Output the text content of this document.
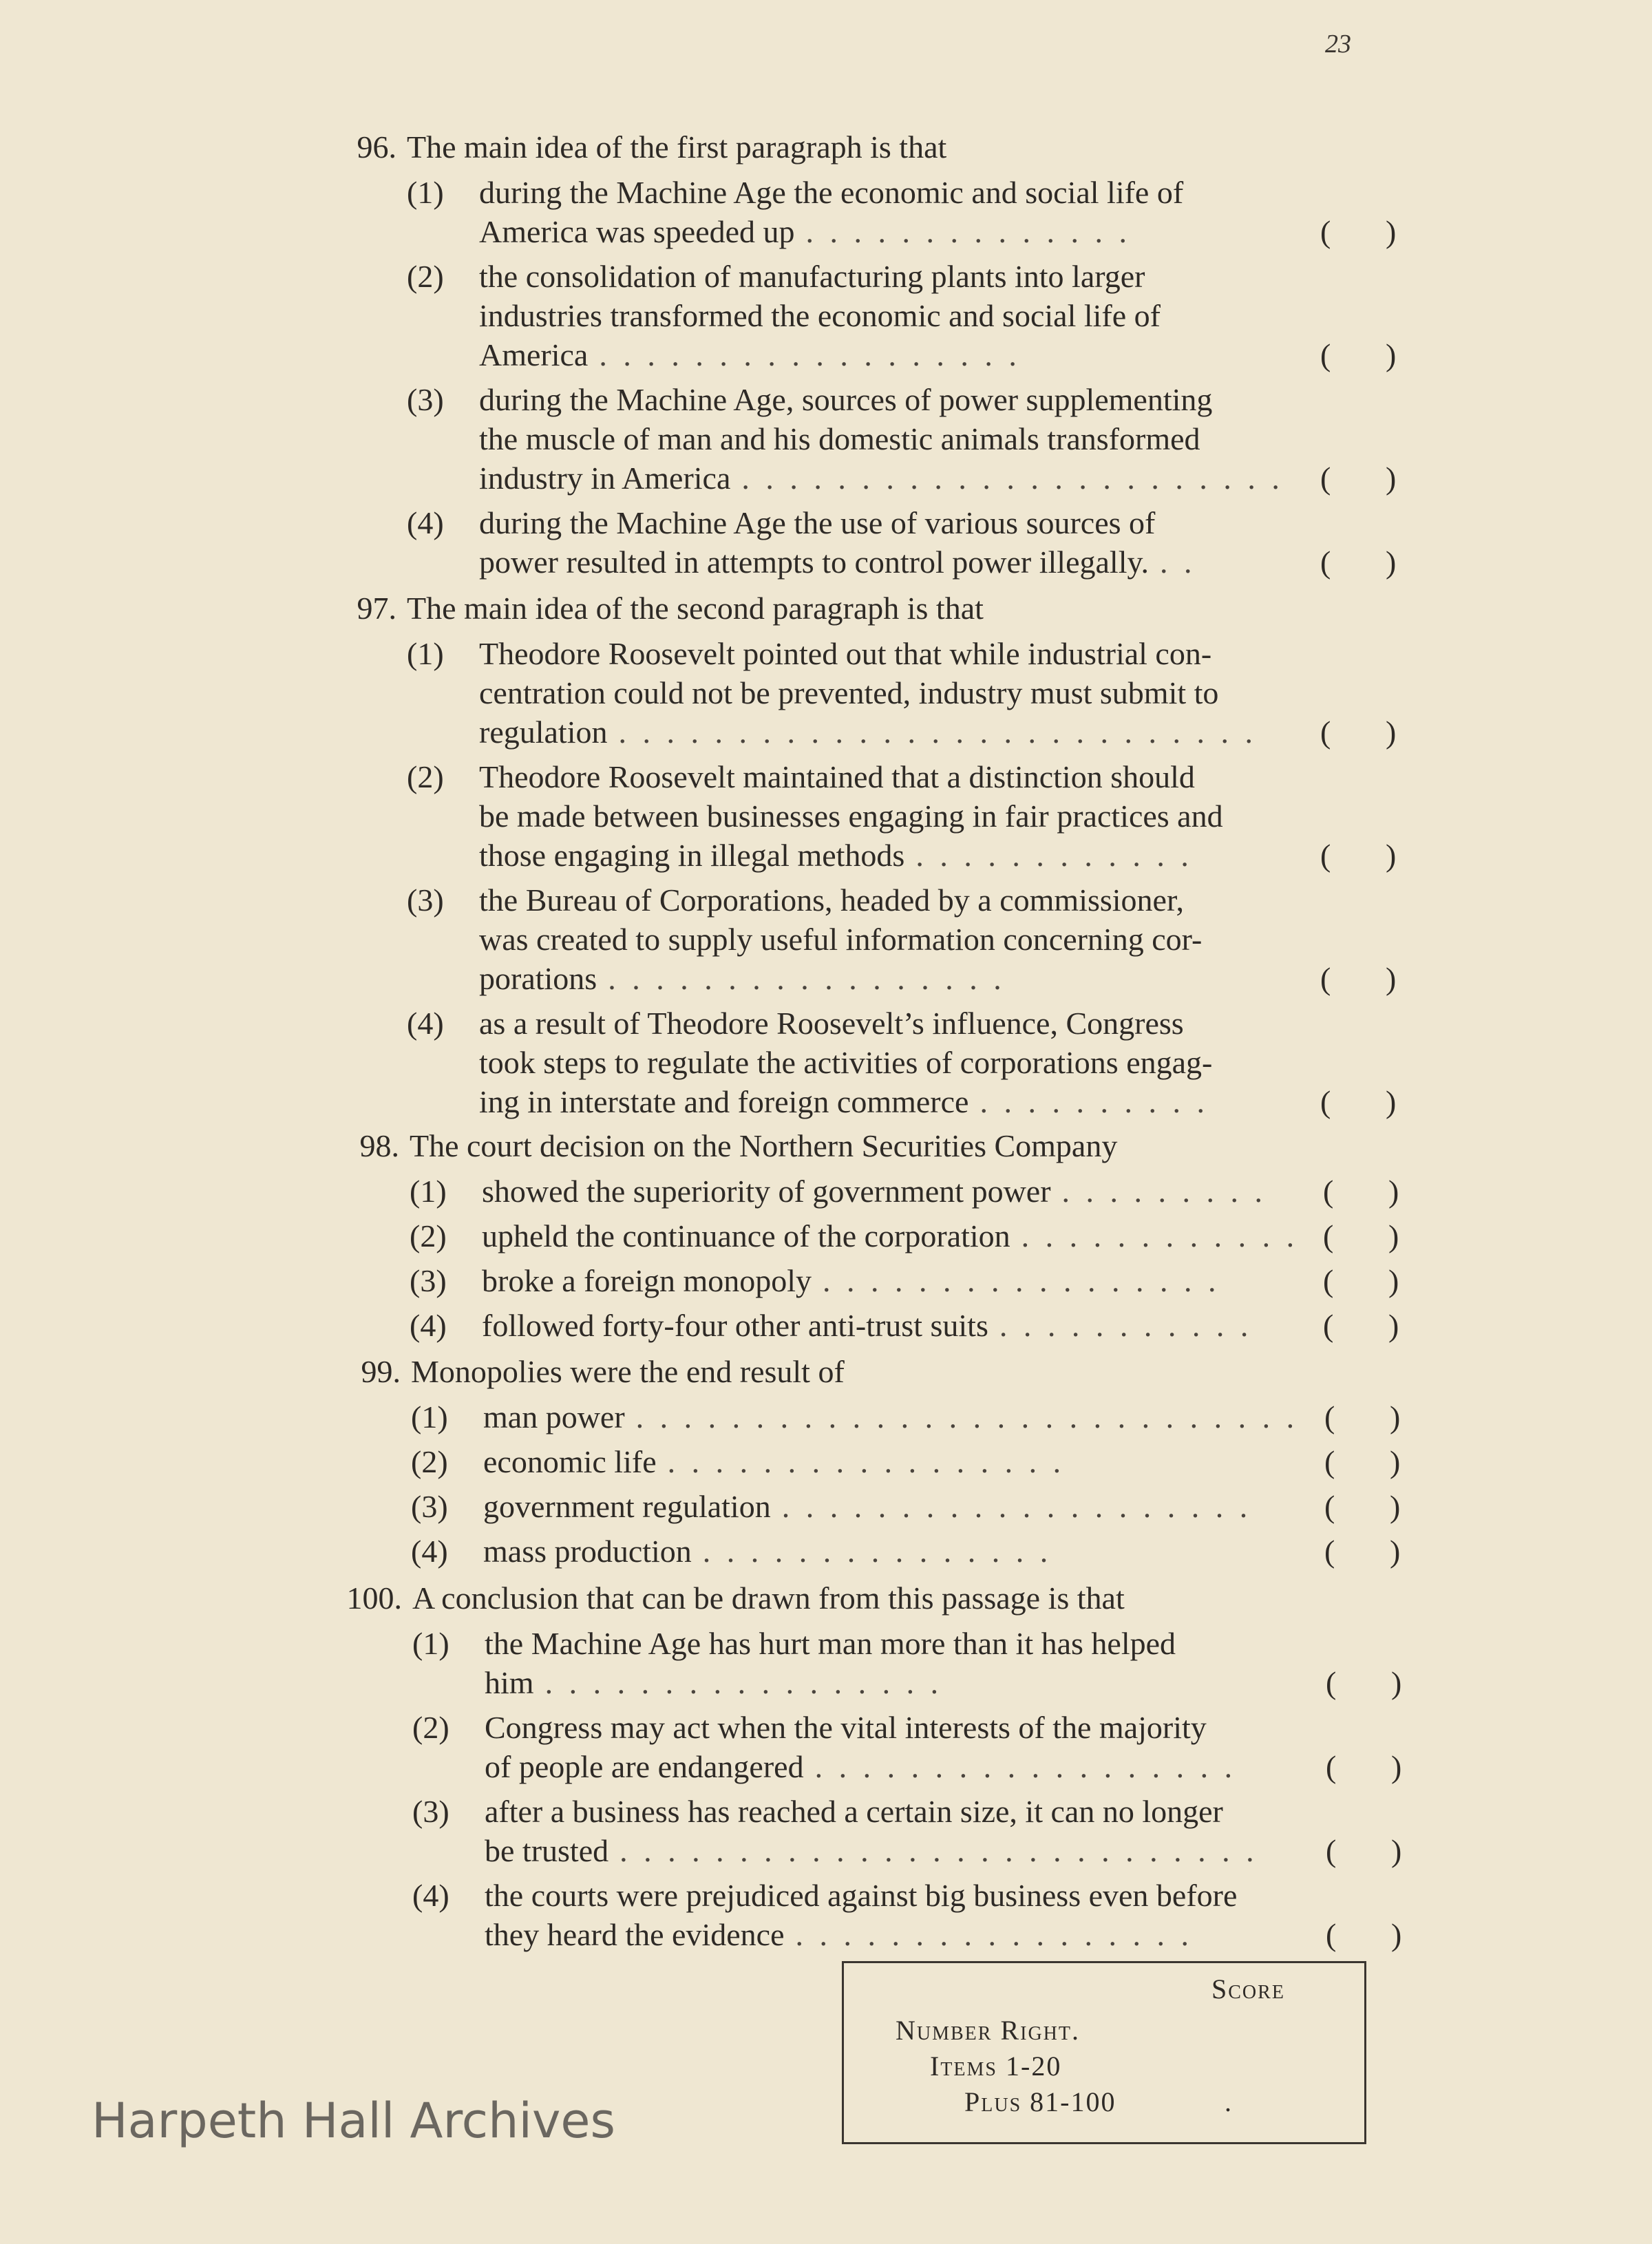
23
96. The main idea of the first paragraph is that
(1) during the Machine Age the economic and social life of
America was speeded up . . . . . . . . . . . . . .	( )
(2) the consolidation of manufacturing plants into larger
industries transformed the economic and social life of
America . . . . . . . . . . . . . . . . . .	( )
(3) during the Machine Age, sources of power supplementing
the muscle of man and his domestic animals transformed
industry in America . . . . . . . . . . . . . . . . . . . . . . . ( )
(4) during the Machine Age the use of various sources of
power resulted in attempts to control power illegally. . .	( )
97. The main idea of the second paragraph is that
(1) Theodore Roosevelt pointed out that while industrial con-
centration could not be prevented, industry must submit to
regulation . . . . . . . . . . . . . . . . . . . . . . . . . . . ( )
(2) Theodore Roosevelt maintained that a distinction should
be made between businesses engaging in fair practices and
those engaging in illegal methods . . . . . . . . . . . .	( )
(3) the Bureau of Corporations, headed by a commissioner,
was created to supply useful information concerning cor-
porations . . . . . . . . . . . . . . . . .	( )
(4) as a result of Theodore Roosevelt’s influence, Congress
took steps to regulate the activities of corporations engag-
ing in interstate and foreign commerce . . . . . . . . . .	( )
98. The court decision on the Northern Securities Company
(1) showed the superiority of government power . . . . . . . . . ( )
(2) upheld the continuance of the corporation . . . . . . . . . . . . ( )
(3) broke a foreign monopoly . . . . . . . . . . . . . . . . .	( )
(4) followed forty-four other anti-trust suits . . . . . . . . . . . ( )
99. Monopolies were the end result of
(1) man power . . . . . . . . . . . . . . . . . . . . . . . . . . . . ( )
(2) economic life . . . . . . . . . . . . . . . . .	( )
(3) government regulation . . . . . . . . . . . . . . . . . . . . ( )
(4) mass production . . . . . . . . . . . . . . .	( )
100. A conclusion that can be drawn from this passage is that
(1) the Machine Age has hurt man more than it has helped
him . . . . . . . . . . . . . . . . .	( )
(2) Congress may act when the vital interests of the majority
of people are endangered . . . . . . . . . . . . . . . . . .	( )
(3) after a business has reached a certain size, it can no longer
be trusted . . . . . . . . . . . . . . . . . . . . . . . . . . . ( )
(4) the courts were prejudiced against big business even before
they heard the evidence . . . . . . . . . . . . . . . . .	( )
Score
Number Right.
Items 1-20
Plus 81-100	.
Harpeth Hall Archives
